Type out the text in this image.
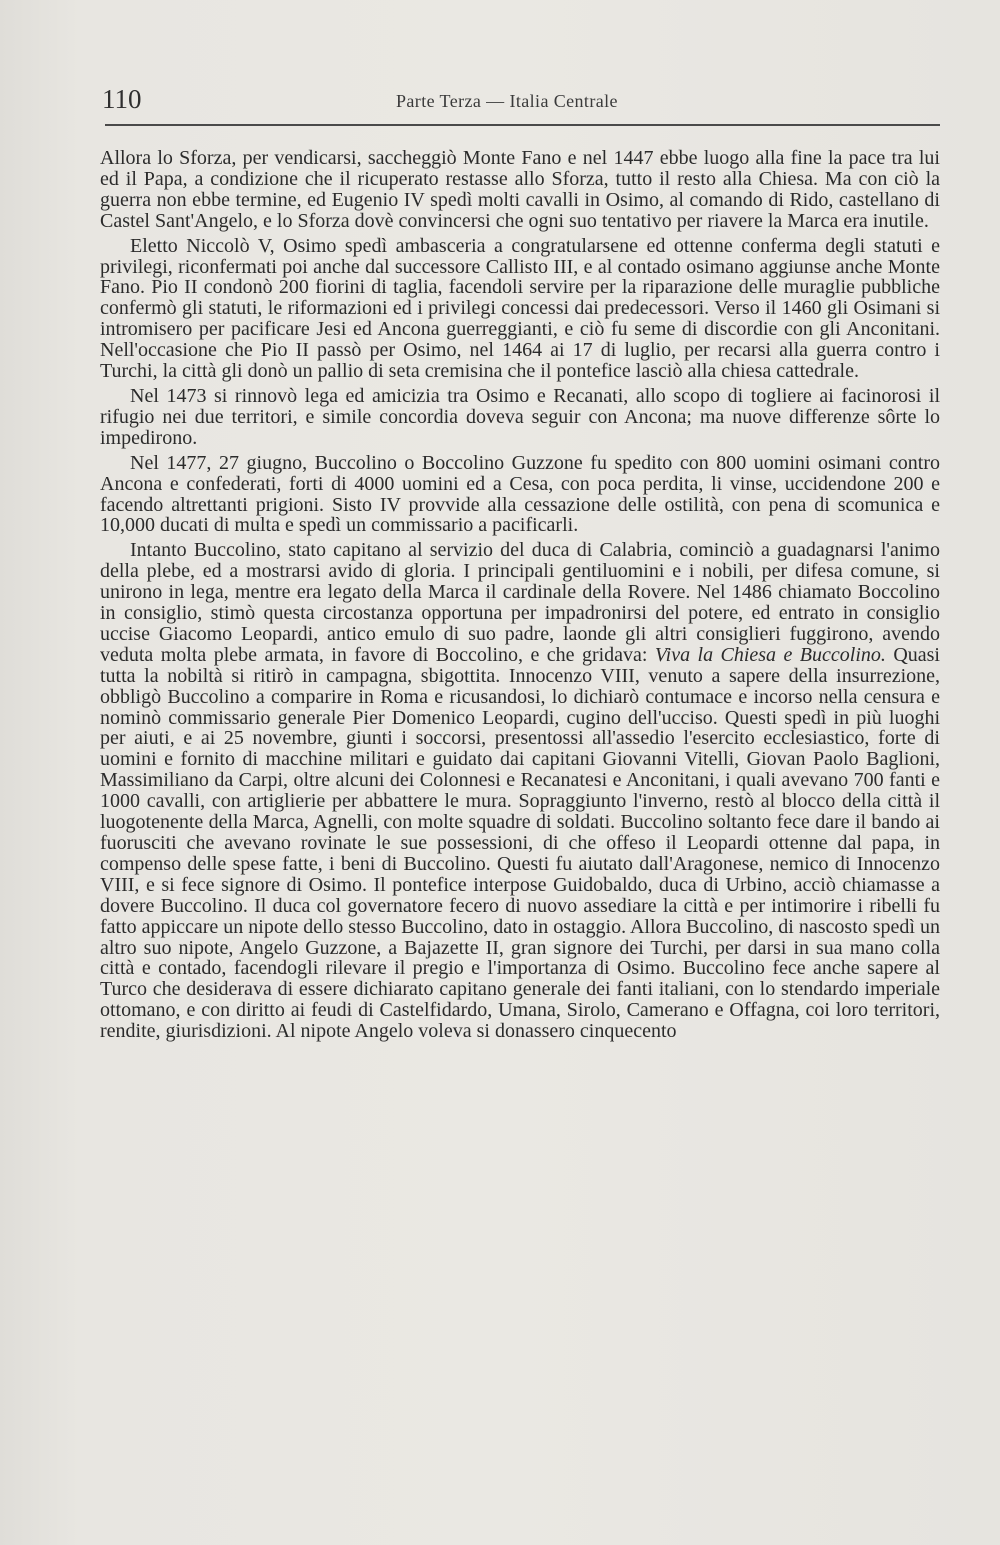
110	Parte Terza — Italia Centrale

Allora lo Sforza, per vendicarsi, saccheggiò Monte Fano e nel 1447 ebbe luogo alla fine la pace tra lui ed il Papa, a condizione che il ricuperato restasse allo Sforza, tutto il resto alla Chiesa. Ma con ciò la guerra non ebbe termine, ed Eugenio IV spedì molti cavalli in Osimo, al comando di Rido, castellano di Castel Sant'Angelo, e lo Sforza dovè convincersi che ogni suo tentativo per riavere la Marca era inutile.

Eletto Niccolò V, Osimo spedì ambasceria a congratularsene ed ottenne conferma degli statuti e privilegi, riconfermati poi anche dal successore Callisto III, e al contado osimano aggiunse anche Monte Fano. Pio II condonò 200 fiorini di taglia, facendoli servire per la riparazione delle muraglie pubbliche confermò gli statuti, le riformazioni ed i privilegi concessi dai predecessori. Verso il 1460 gli Osimani si intromisero per pacificare Jesi ed Ancona guerreggianti, e ciò fu seme di discordie con gli Anconitani. Nell'occasione che Pio II passò per Osimo, nel 1464 ai 17 di luglio, per recarsi alla guerra contro i Turchi, la città gli donò un pallio di seta cremisina che il pontefice lasciò alla chiesa cattedrale.

Nel 1473 si rinnovò lega ed amicizia tra Osimo e Recanati, allo scopo di togliere ai facinorosi il rifugio nei due territori, e simile concordia doveva seguir con Ancona; ma nuove differenze sôrte lo impedirono.

Nel 1477, 27 giugno, Buccolino o Boccolino Guzzone fu spedito con 800 uomini osimani contro Ancona e confederati, forti di 4000 uomini ed a Cesa, con poca perdita, li vinse, uccidendone 200 e facendo altrettanti prigioni. Sisto IV provvide alla cessazione delle ostilità, con pena di scomunica e 10,000 ducati di multa e spedì un commissario a pacificarli.

Intanto Buccolino, stato capitano al servizio del duca di Calabria, cominciò a guadagnarsi l'animo della plebe, ed a mostrarsi avido di gloria. I principali gentiluomini e i nobili, per difesa comune, si unirono in lega, mentre era legato della Marca il cardinale della Rovere. Nel 1486 chiamato Boccolino in consiglio, stimò questa circostanza opportuna per impadronirsi del potere, ed entrato in consiglio uccise Giacomo Leopardi, antico emulo di suo padre, laonde gli altri consiglieri fuggirono, avendo veduta molta plebe armata, in favore di Boccolino, e che gridava: Viva la Chiesa e Buccolino. Quasi tutta la nobiltà si ritirò in campagna, sbigottita. Innocenzo VIII, venuto a sapere della insurrezione, obbligò Buccolino a comparire in Roma e ricusandosi, lo dichiarò contumace e incorso nella censura e nominò commissario generale Pier Domenico Leopardi, cugino dell'ucciso. Questi spedì in più luoghi per aiuti, e ai 25 novembre, giunti i soccorsi, presentossi all'assedio l'esercito ecclesiastico, forte di uomini e fornito di macchine militari e guidato dai capitani Giovanni Vitelli, Giovan Paolo Baglioni, Massimiliano da Carpi, oltre alcuni dei Colonnesi e Recanatesi e Anconitani, i quali avevano 700 fanti e 1000 cavalli, con artiglierie per abbattere le mura. Sopraggiunto l'inverno, restò al blocco della città il luogotenente della Marca, Agnelli, con molte squadre di soldati. Buccolino soltanto fece dare il bando ai fuorusciti che avevano rovinate le sue possessioni, di che offeso il Leopardi ottenne dal papa, in compenso delle spese fatte, i beni di Buccolino. Questi fu aiutato dall'Aragonese, nemico di Innocenzo VIII, e si fece signore di Osimo. Il pontefice interpose Guidobaldo, duca di Urbino, acciò chiamasse a dovere Buccolino. Il duca col governatore fecero di nuovo assediare la città e per intimorire i ribelli fu fatto appiccare un nipote dello stesso Buccolino, dato in ostaggio. Allora Buccolino, di nascosto spedì un altro suo nipote, Angelo Guzzone, a Bajazette II, gran signore dei Turchi, per darsi in sua mano colla città e contado, facendogli rilevare il pregio e l'importanza di Osimo. Buccolino fece anche sapere al Turco che desiderava di essere dichiarato capitano generale dei fanti italiani, con lo stendardo imperiale ottomano, e con diritto ai feudi di Castelfidardo, Umana, Sirolo, Camerano e Offagna, coi loro territori, rendite, giurisdizioni. Al nipote Angelo voleva si donassero cinquecento
